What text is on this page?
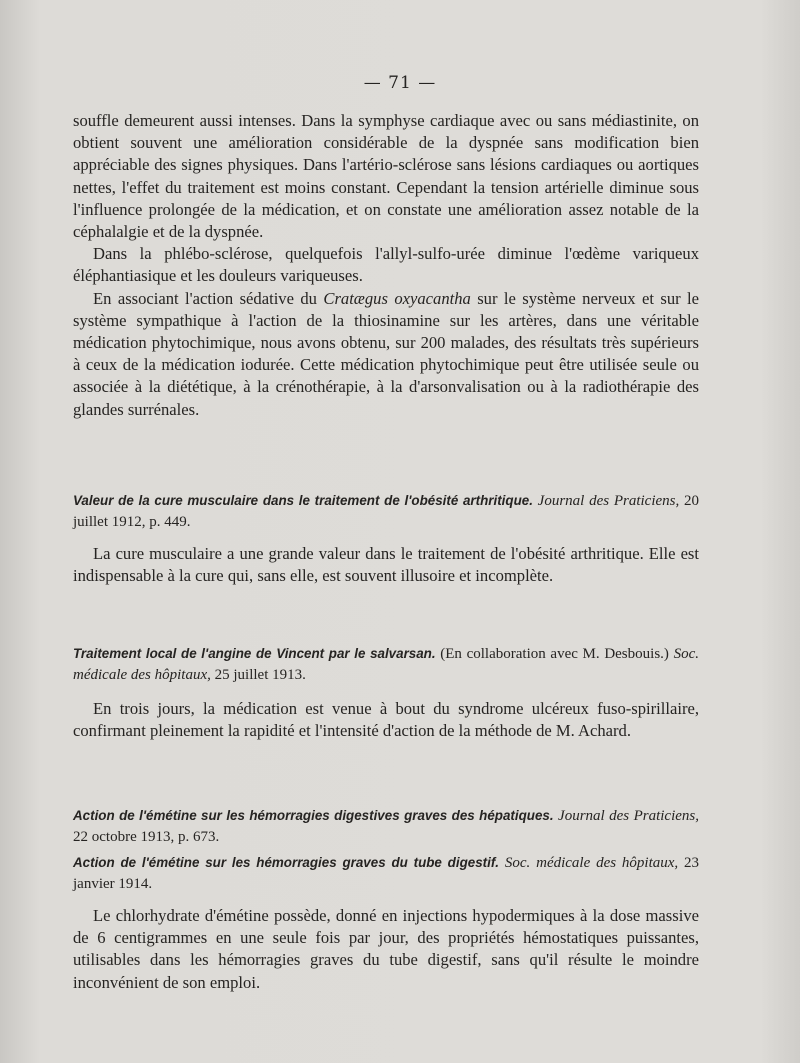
— 71 —

souffle demeurent aussi intenses. Dans la symphyse cardiaque avec ou sans médiastinite, on obtient souvent une amélioration considérable de la dyspnée sans modification bien appréciable des signes physiques. Dans l'artério-sclérose sans lésions cardiaques ou aortiques nettes, l'effet du traitement est moins constant. Cependant la tension artérielle diminue sous l'influence prolongée de la médication, et on constate une amélioration assez notable de la céphalalgie et de la dyspnée.

Dans la phlébo-sclérose, quelquefois l'allyl-sulfo-urée diminue l'œdème variqueux éléphantiasique et les douleurs variqueuses.

En associant l'action sédative du Cratægus oxyacantha sur le système nerveux et sur le système sympathique à l'action de la thiosinamine sur les artères, dans une véritable médication phytochimique, nous avons obtenu, sur 200 malades, des résultats très supérieurs à ceux de la médication iodurée. Cette médication phytochimique peut être utilisée seule ou associée à la diététique, à la crénothérapie, à la d'arsonvalisation ou à la radiothérapie des glandes surrénales.

Valeur de la cure musculaire dans le traitement de l'obésité arthritique. Journal des Praticiens, 20 juillet 1912, p. 449.

La cure musculaire a une grande valeur dans le traitement de l'obésité arthritique. Elle est indispensable à la cure qui, sans elle, est souvent illusoire et incomplète.

Traitement local de l'angine de Vincent par le salvarsan. (En collaboration avec M. Desbouis.) Soc. médicale des hôpitaux, 25 juillet 1913.

En trois jours, la médication est venue à bout du syndrome ulcéreux fuso-spirillaire, confirmant pleinement la rapidité et l'intensité d'action de la méthode de M. Achard.

Action de l'émétine sur les hémorragies digestives graves des hépatiques. Journal des Praticiens, 22 octobre 1913, p. 673.
Action de l'émétine sur les hémorragies graves du tube digestif. Soc. médicale des hôpitaux, 23 janvier 1914.

Le chlorhydrate d'émétine possède, donné en injections hypodermiques à la dose massive de 6 centigrammes en une seule fois par jour, des propriétés hémostatiques puissantes, utilisables dans les hémorragies graves du tube digestif, sans qu'il résulte le moindre inconvénient de son emploi.
